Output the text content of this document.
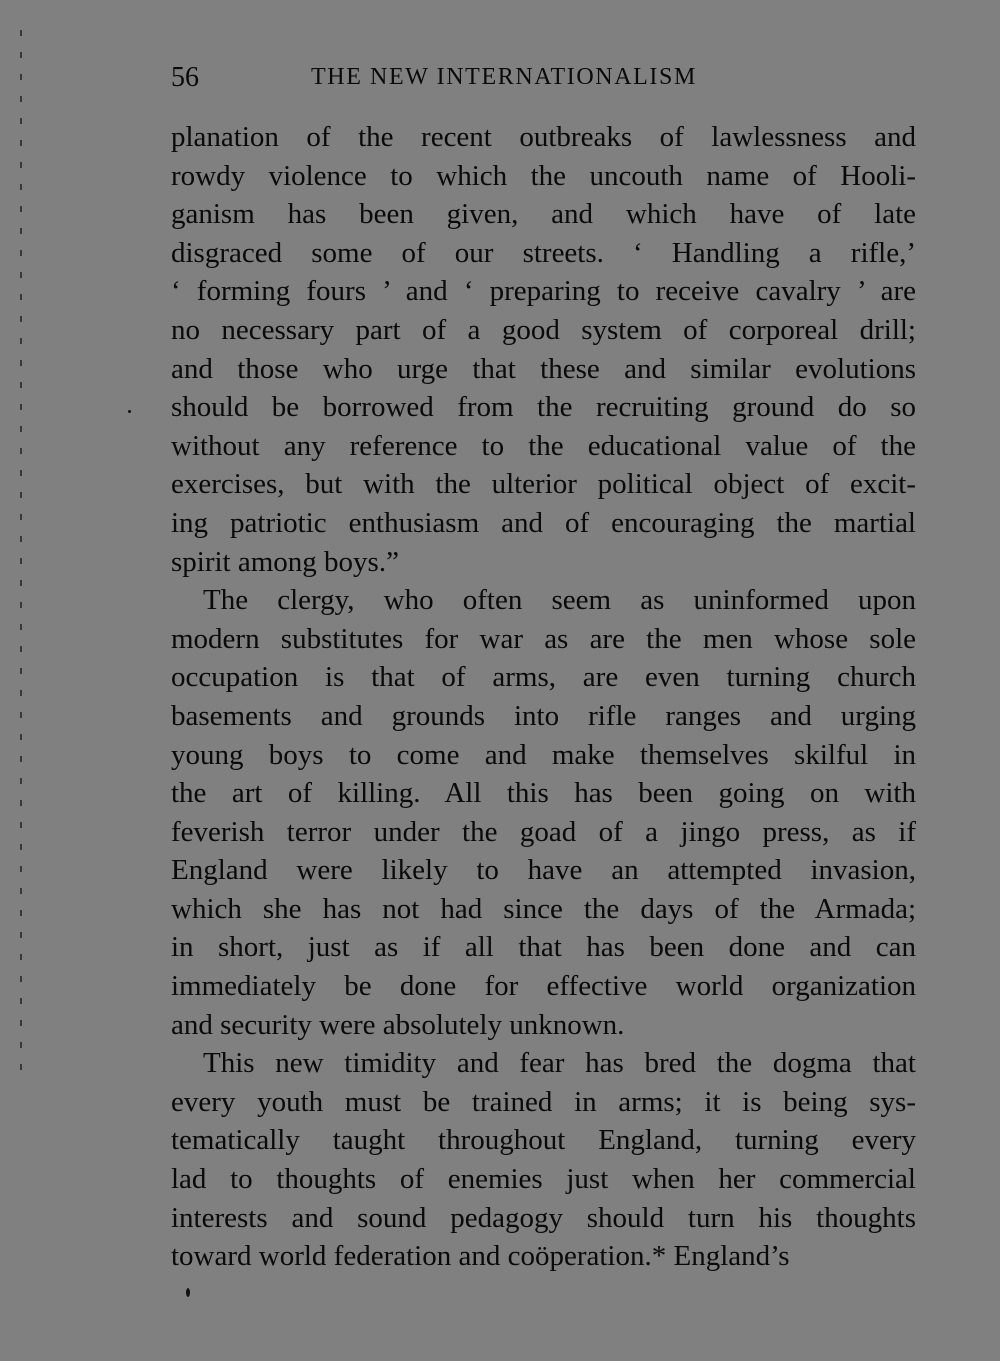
56	THE NEW INTERNATIONALISM
planation of the recent outbreaks of lawlessness and
rowdy violence to which the uncouth name of Hooli-
ganism has been given, and which have of late
disgraced some of our streets. ‘ Handling a rifle,’
‘ forming fours ’ and ‘ preparing to receive cavalry ’ are
no necessary part of a good system of corporeal drill;
and those who urge that these and similar evolutions
should be borrowed from the recruiting ground do so
without any reference to the educational value of the
exercises, but with the ulterior political object of excit-
ing patriotic enthusiasm and of encouraging the martial
spirit among boys.”
The clergy, who often seem as uninformed upon
modern substitutes for war as are the men whose sole
occupation is that of arms, are even turning church
basements and grounds into rifle ranges and urging
young boys to come and make themselves skilful in
the art of killing. All this has been going on with
feverish terror under the goad of a jingo press, as if
England were likely to have an attempted invasion,
which she has not had since the days of the Armada;
in short, just as if all that has been done and can
immediately be done for effective world organization
and security were absolutely unknown.
This new timidity and fear has bred the dogma that
every youth must be trained in arms; it is being sys-
tematically taught throughout England, turning every
lad to thoughts of enemies just when her commercial
interests and sound pedagogy should turn his thoughts
toward world federation and coöperation.* England’s
